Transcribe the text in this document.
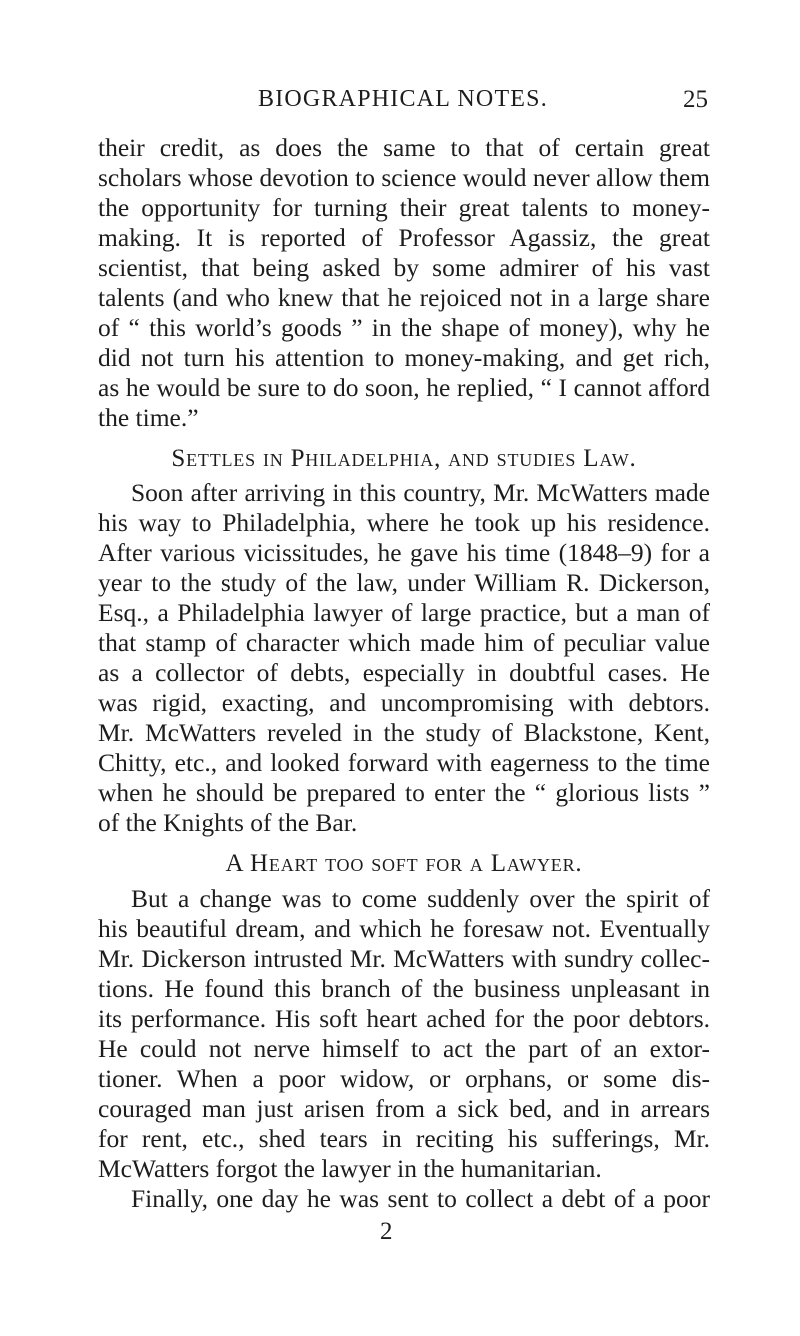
BIOGRAPHICAL NOTES.	25
their credit, as does the same to that of certain great
scholars whose devotion to science would never allow them
the opportunity for turning their great talents to money-
making. It is reported of Professor Agassiz, the great
scientist, that being asked by some admirer of his vast
talents (and who knew that he rejoiced not in a large share
of “ this world’s goods ” in the shape of money), why he
did not turn his attention to money-making, and get rich,
as he would be sure to do soon, he replied, “ I cannot afford
the time.”
Settles in Philadelphia, and studies Law.
Soon after arriving in this country, Mr. McWatters made
his way to Philadelphia, where he took up his residence.
After various vicissitudes, he gave his time (1848–9) for a
year to the study of the law, under William R. Dickerson,
Esq., a Philadelphia lawyer of large practice, but a man of
that stamp of character which made him of peculiar value
as a collector of debts, especially in doubtful cases. He
was rigid, exacting, and uncompromising with debtors.
Mr. McWatters reveled in the study of Blackstone, Kent,
Chitty, etc., and looked forward with eagerness to the time
when he should be prepared to enter the “ glorious lists ”
of the Knights of the Bar.
A Heart too soft for a Lawyer.
But a change was to come suddenly over the spirit of
his beautiful dream, and which he foresaw not. Eventually
Mr. Dickerson intrusted Mr. McWatters with sundry collec-
tions. He found this branch of the business unpleasant in
its performance. His soft heart ached for the poor debtors.
He could not nerve himself to act the part of an extor-
tioner. When a poor widow, or orphans, or some dis-
couraged man just arisen from a sick bed, and in arrears
for rent, etc., shed tears in reciting his sufferings, Mr.
McWatters forgot the lawyer in the humanitarian.
Finally, one day he was sent to collect a debt of a poor
2
